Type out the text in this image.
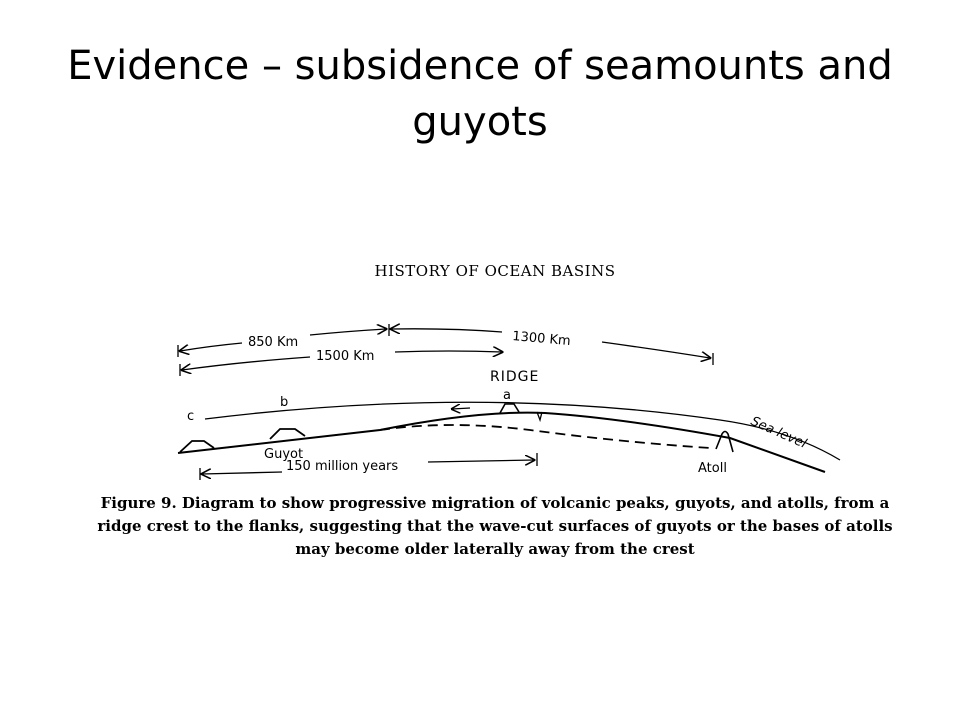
Evidence – subsidence of seamounts and guyots
HISTORY OF OCEAN BASINS
850 Km	1300 Km
1500 Km
RIDGE
a
b
Guyot
c
Atoll
Sea level
150 million years
Figure 9. Diagram to show progressive migration of volcanic peaks, guyots, and atolls, from a ridge crest to the flanks, suggesting that the wave-cut surfaces of guyots or the bases of atolls may become older laterally away from the crest
